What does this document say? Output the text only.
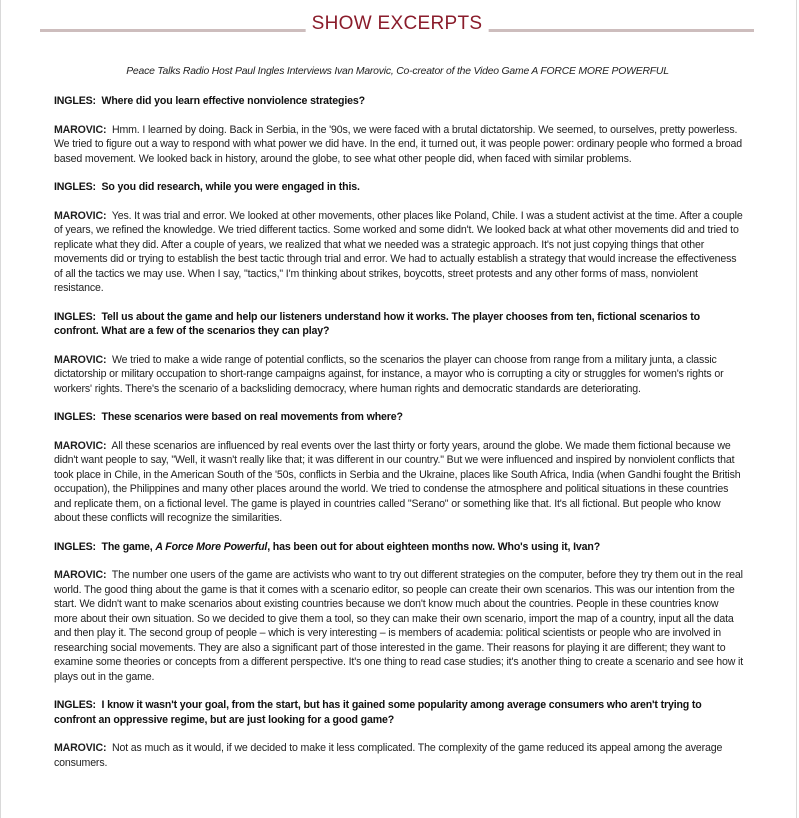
SHOW EXCERPTS
Peace Talks Radio Host Paul Ingles Interviews Ivan Marovic, Co-creator of the Video Game A FORCE MORE POWERFUL

INGLES: Where did you learn effective nonviolence strategies?

MAROVIC: Hmm. I learned by doing. Back in Serbia, in the '90s, we were faced with a brutal dictatorship. We seemed, to ourselves, pretty powerless. We tried to figure out a way to respond with what power we did have. In the end, it turned out, it was people power: ordinary people who formed a broad based movement. We looked back in history, around the globe, to see what other people did, when faced with similar problems.

INGLES: So you did research, while you were engaged in this.

MAROVIC: Yes. It was trial and error. We looked at other movements, other places like Poland, Chile. I was a student activist at the time. After a couple of years, we refined the knowledge. We tried different tactics. Some worked and some didn't. We looked back at what other movements did and tried to replicate what they did. After a couple of years, we realized that what we needed was a strategic approach. It's not just copying things that other movements did or trying to establish the best tactic through trial and error. We had to actually establish a strategy that would increase the effectiveness of all the tactics we may use. When I say, "tactics," I'm thinking about strikes, boycotts, street protests and any other forms of mass, nonviolent resistance.

INGLES: Tell us about the game and help our listeners understand how it works. The player chooses from ten, fictional scenarios to confront. What are a few of the scenarios they can play?

MAROVIC: We tried to make a wide range of potential conflicts, so the scenarios the player can choose from range from a military junta, a classic dictatorship or military occupation to short-range campaigns against, for instance, a mayor who is corrupting a city or struggles for women's rights or workers' rights. There's the scenario of a backsliding democracy, where human rights and democratic standards are deteriorating.

INGLES: These scenarios were based on real movements from where?

MAROVIC: All these scenarios are influenced by real events over the last thirty or forty years, around the globe. We made them fictional because we didn't want people to say, "Well, it wasn't really like that; it was different in our country." But we were influenced and inspired by nonviolent conflicts that took place in Chile, in the American South of the '50s, conflicts in Serbia and the Ukraine, places like South Africa, India (when Gandhi fought the British occupation), the Philippines and many other places around the world. We tried to condense the atmosphere and political situations in these countries and replicate them, on a fictional level. The game is played in countries called "Serano" or something like that. It's all fictional. But people who know about these conflicts will recognize the similarities.

INGLES: The game, A Force More Powerful, has been out for about eighteen months now. Who's using it, Ivan?

MAROVIC: The number one users of the game are activists who want to try out different strategies on the computer, before they try them out in the real world. The good thing about the game is that it comes with a scenario editor, so people can create their own scenarios. This was our intention from the start. We didn't want to make scenarios about existing countries because we don't know much about the countries. People in these countries know more about their own situation. So we decided to give them a tool, so they can make their own scenario, import the map of a country, input all the data and then play it. The second group of people – which is very interesting – is members of academia: political scientists or people who are involved in researching social movements. They are also a significant part of those interested in the game. Their reasons for playing it are different; they want to examine some theories or concepts from a different perspective. It's one thing to read case studies; it's another thing to create a scenario and see how it plays out in the game.

INGLES: I know it wasn't your goal, from the start, but has it gained some popularity among average consumers who aren't trying to confront an oppressive regime, but are just looking for a good game?

MAROVIC: Not as much as it would, if we decided to make it less complicated. The complexity of the game reduced its appeal among the average consumers.
